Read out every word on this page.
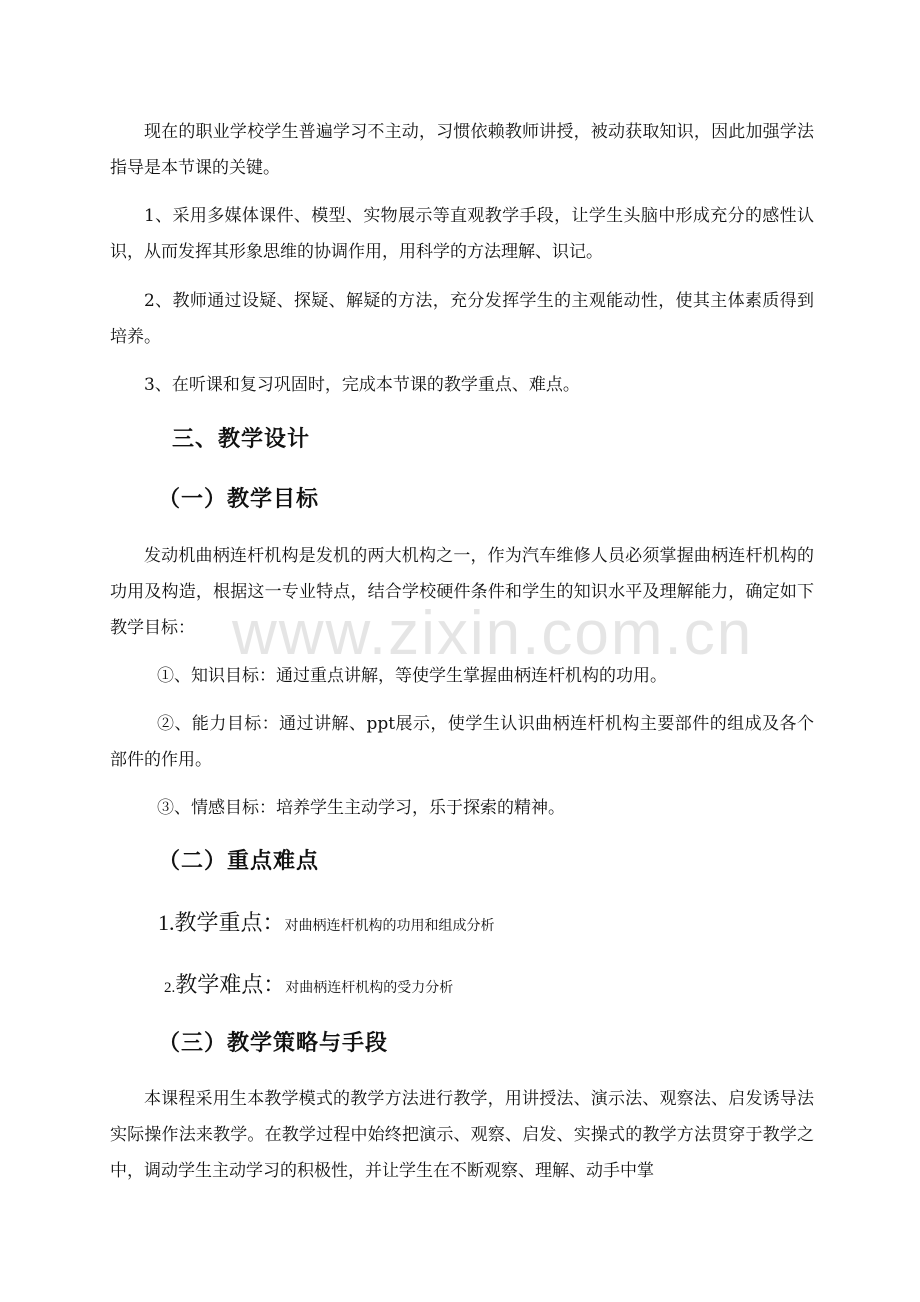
现在的职业学校学生普遍学习不主动，习惯依赖教师讲授，被动获取知识，因此加强学法指导是本节课的关键。

1、采用多媒体课件、模型、实物展示等直观教学手段，让学生头脑中形成充分的感性认识，从而发挥其形象思维的协调作用，用科学的方法理解、识记。

2、教师通过设疑、探疑、解疑的方法，充分发挥学生的主观能动性，使其主体素质得到培养。

3、在听课和复习巩固时，完成本节课的教学重点、难点。

三、教学设计
（一）教学目标

发动机曲柄连杆机构是发机的两大机构之一，作为汽车维修人员必须掌握曲柄连杆机构的功用及构造，根据这一专业特点，结合学校硬件条件和学生的知识水平及理解能力，确定如下教学目标：

①、知识目标：通过重点讲解，等使学生掌握曲柄连杆机构的功用。

②、能力目标：通过讲解、ppt展示，使学生认识曲柄连杆机构主要部件的组成及各个部件的作用。

③、情感目标：培养学生主动学习，乐于探索的精神。

（二）重点难点
1.教学重点：对曲柄连杆机构的功用和组成分析
2.教学难点：对曲柄连杆机构的受力分析
（三）教学策略与手段

本课程采用生本教学模式的教学方法进行教学，用讲授法、演示法、观察法、启发诱导法实际操作法来教学。在教学过程中始终把演示、观察、启发、实操式的教学方法贯穿于教学之中，调动学生主动学习的积极性，并让学生在不断观察、理解、动手中掌

www.zixin.com.cn
